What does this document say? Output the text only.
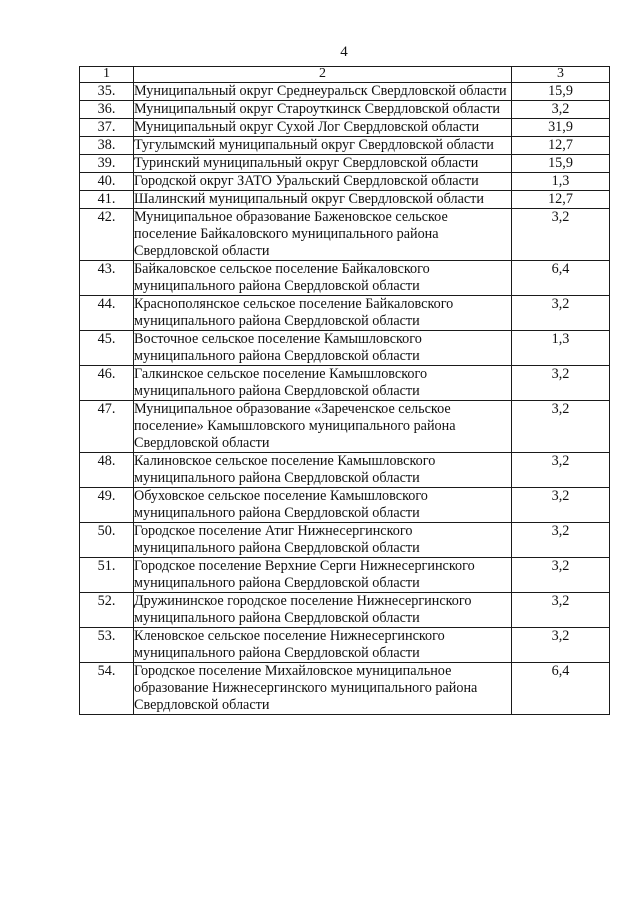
4
1	2	3
35.	Муниципальный округ Среднеуральск Свердловской области	15,9
36.	Муниципальный округ Староуткинск Свердловской области	3,2
37.	Муниципальный округ Сухой Лог Свердловской области	31,9
38.	Тугулымский муниципальный округ Свердловской области	12,7
39.	Туринский муниципальный округ Свердловской области	15,9
40.	Городской округ ЗАТО Уральский Свердловской области	1,3
41.	Шалинский муниципальный округ Свердловской области	12,7
42.	Муниципальное образование Баженовское сельское поселение Байкаловского муниципального района Свердловской области	3,2
43.	Байкаловское сельское поселение Байкаловского муниципального района Свердловской области	6,4
44.	Краснополянское сельское поселение Байкаловского муниципального района Свердловской области	3,2
45.	Восточное сельское поселение Камышловского муниципального района Свердловской области	1,3
46.	Галкинское сельское поселение Камышловского муниципального района Свердловской области	3,2
47.	Муниципальное образование «Зареченское сельское поселение» Камышловского муниципального района Свердловской области	3,2
48.	Калиновское сельское поселение Камышловского муниципального района Свердловской области	3,2
49.	Обуховское сельское поселение Камышловского муниципального района Свердловской области	3,2
50.	Городское поселение Атиг Нижнесергинского муниципального района Свердловской области	3,2
51.	Городское поселение Верхние Серги Нижнесергинского муниципального района Свердловской области	3,2
52.	Дружининское городское поселение Нижнесергинского муниципального района Свердловской области	3,2
53.	Кленовское сельское поселение Нижнесергинского муниципального района Свердловской области	3,2
54.	Городское поселение Михайловское муниципальное образование Нижнесергинского муниципального района Свердловской области	6,4
